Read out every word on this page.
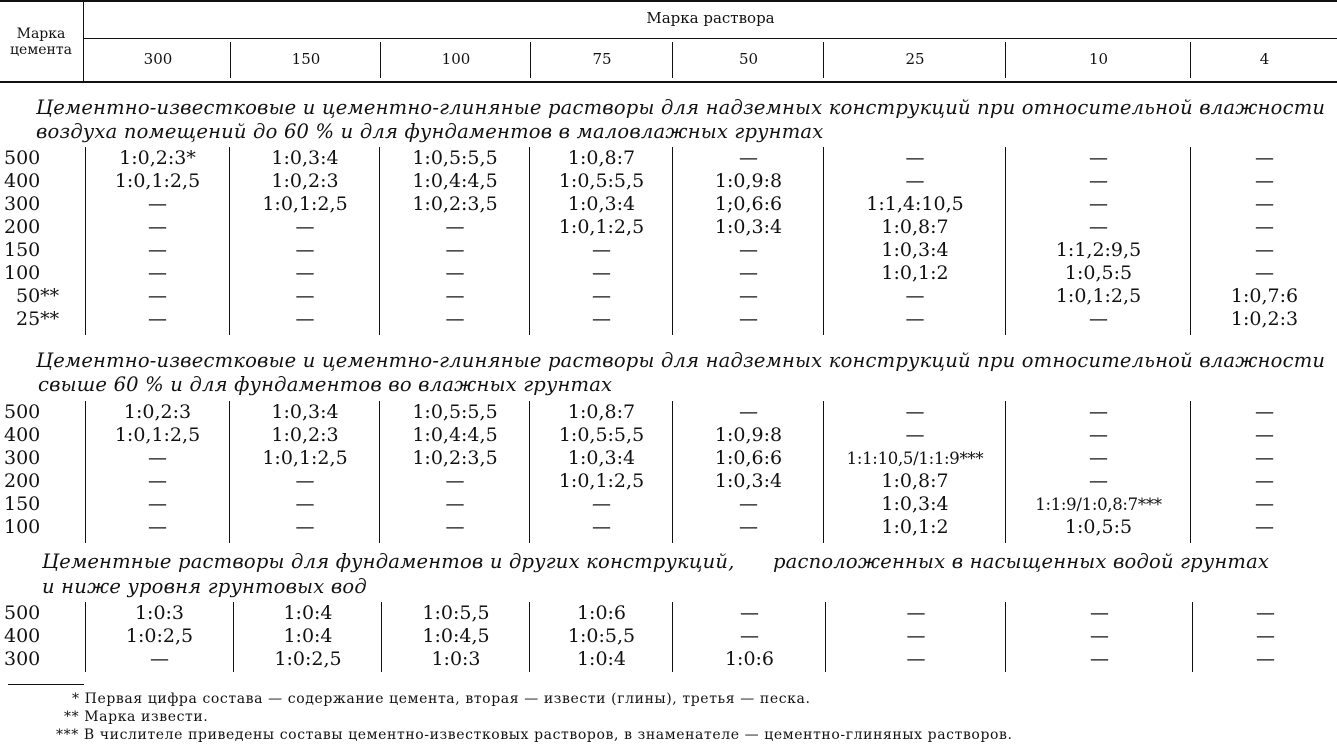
Марка цемента
Марка раствора
300	150	100	75	50	25	10	4
Цементно-известковые и цементно-глиняные растворы для надземных конструкций при относительной влажности
воздуха помещений до 60 % и для фундаментов в маловлажных грунтах
500	1:0,2:3*	1:0,3:4	1:0,5:5,5	1:0,8:7	—	—	—	—
400	1:0,1:2,5	1:0,2:3	1:0,4:4,5	1:0,5:5,5	1:0,9:8	—	—	—
300	—	1:0,1:2,5	1:0,2:3,5	1:0,3:4	1;0,6:6	1:1,4:10,5	—	—
200	—	—	—	1:0,1:2,5	1:0,3:4	1:0,8:7	—	—
150	—	—	—	—	—	1:0,3:4	1:1,2:9,5	—
100	—	—	—	—	—	1:0,1:2	1:0,5:5	—
50**	—	—	—	—	—	—	1:0,1:2,5	1:0,7:6
25**	—	—	—	—	—	—	—	1:0,2:3
Цементно-известковые и цементно-глиняные растворы для надземных конструкций при относительной влажности
свыше 60 % и для фундаментов во влажных грунтах
500	1:0,2:3	1:0,3:4	1:0,5:5,5	1:0,8:7	—	—	—	—
400	1:0,1:2,5	1:0,2:3	1:0,4:4,5	1:0,5:5,5	1:0,9:8	—	—	—
300	—	1:0,1:2,5	1:0,2:3,5	1:0,3:4	1:0,6:6	1:1:10,5/1:1:9***	—	—
200	—	—	—	1:0,1:2,5	1:0,3:4	1:0,8:7	—	—
150	—	—	—	—	—	1:0,3:4	1:1:9/1:0,8:7***	—
100	—	—	—	—	—	1:0,1:2	1:0,5:5	—
Цементные растворы для фундаментов и других конструкций,      расположенных в насыщенных водой грунтах
и ниже уровня грунтовых вод
500	1:0:3	1:0:4	1:0:5,5	1:0:6	—	—	—	—
400	1:0:2,5	1:0:4	1:0:4,5	1:0:5,5	—	—	—	—
300	—	1:0:2,5	1:0:3	1:0:4	1:0:6	—	—	—
* Первая цифра состава — содержание цемента, вторая — извести (глины), третья — песка.
** Марка извести.
*** В числителе приведены составы цементно-известковых растворов, в знаменателе — цементно-глиняных растворов.
